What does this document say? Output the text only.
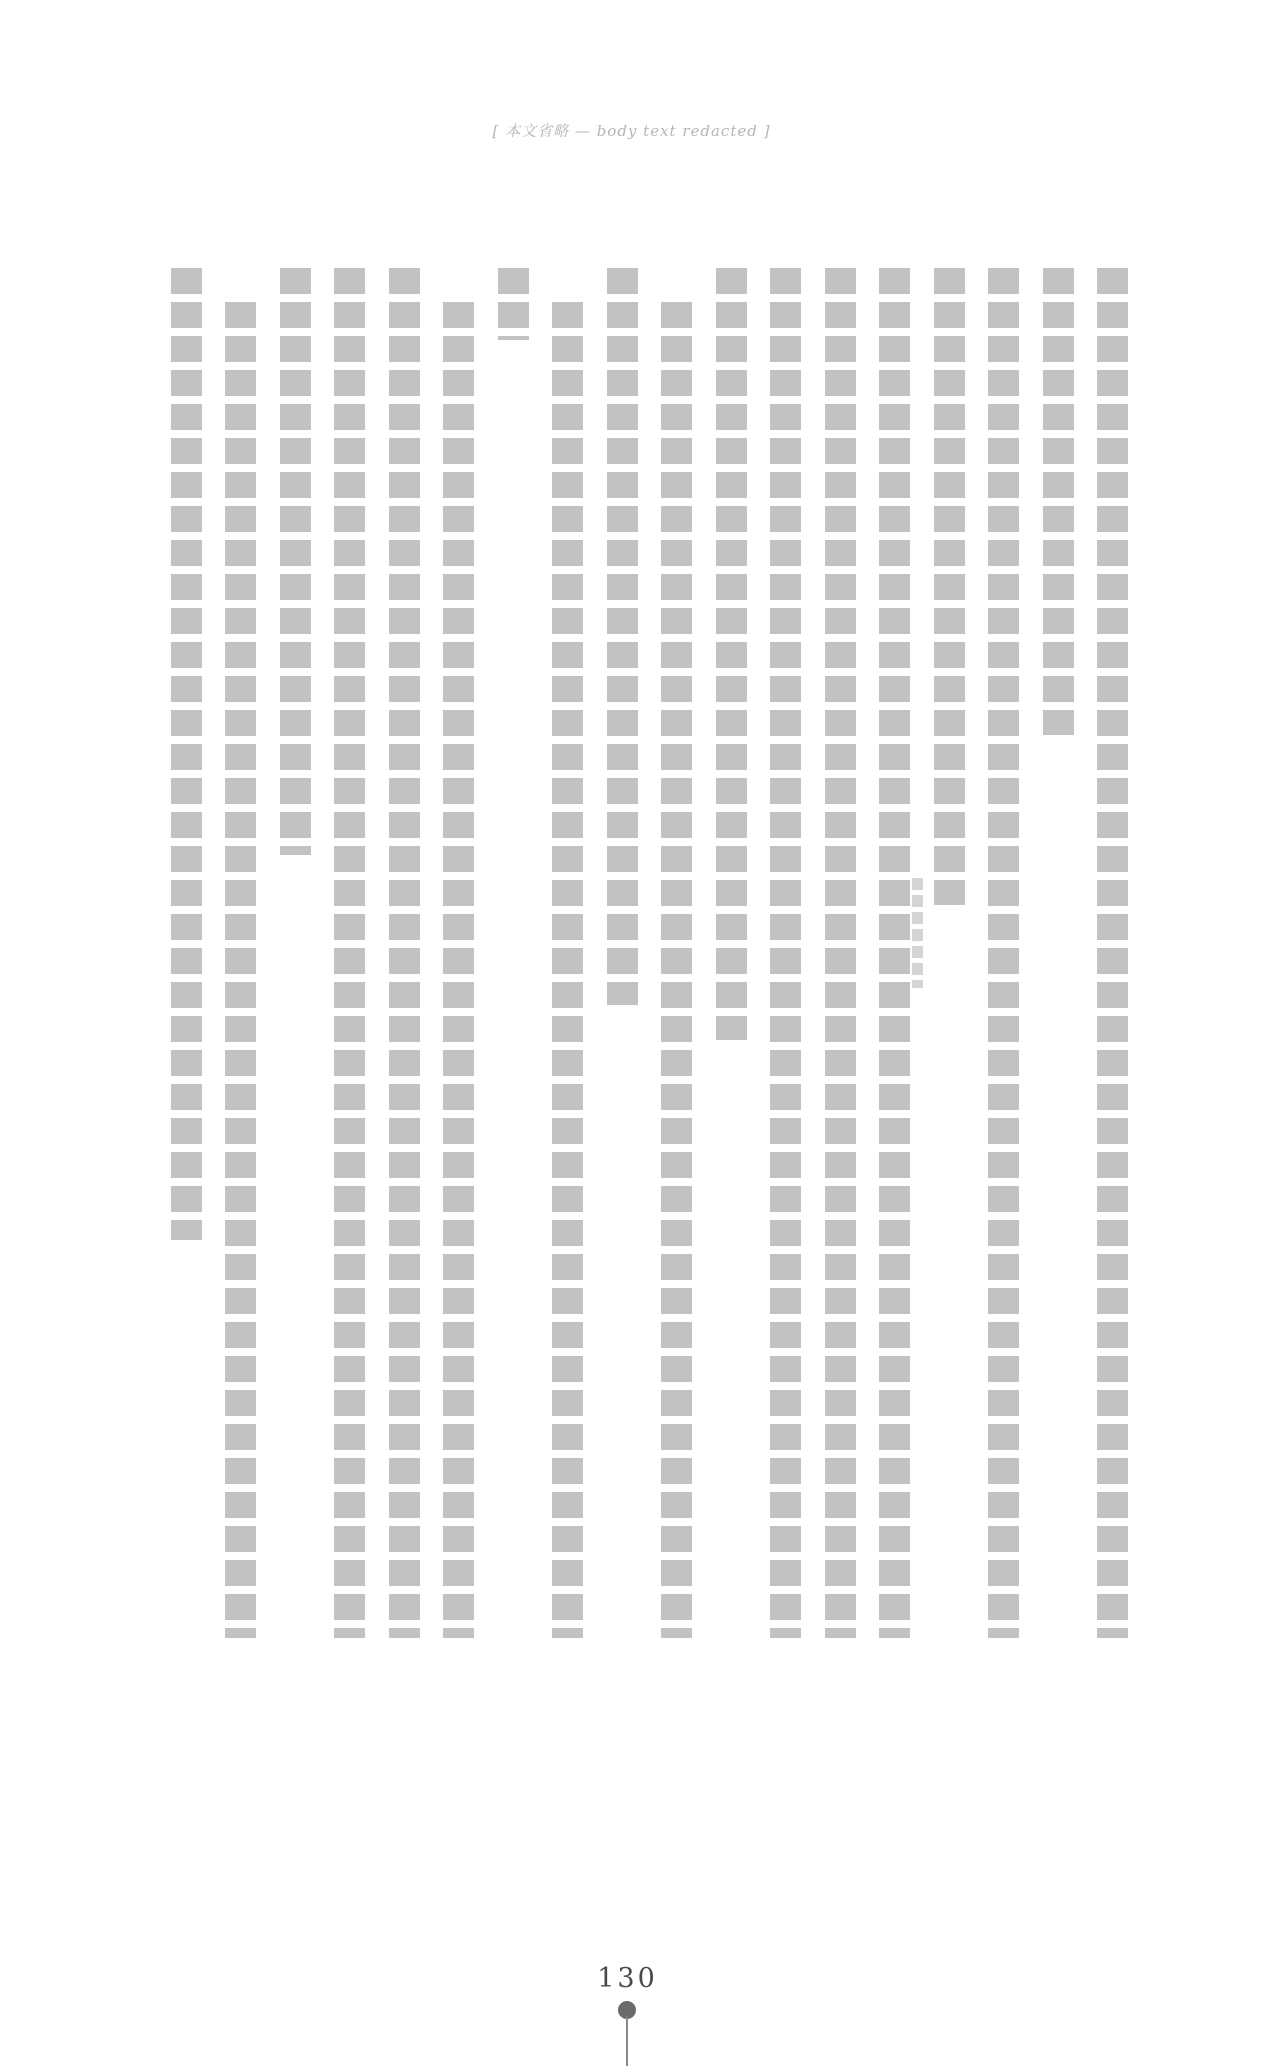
[ 本文省略 — body text redacted ]
130
